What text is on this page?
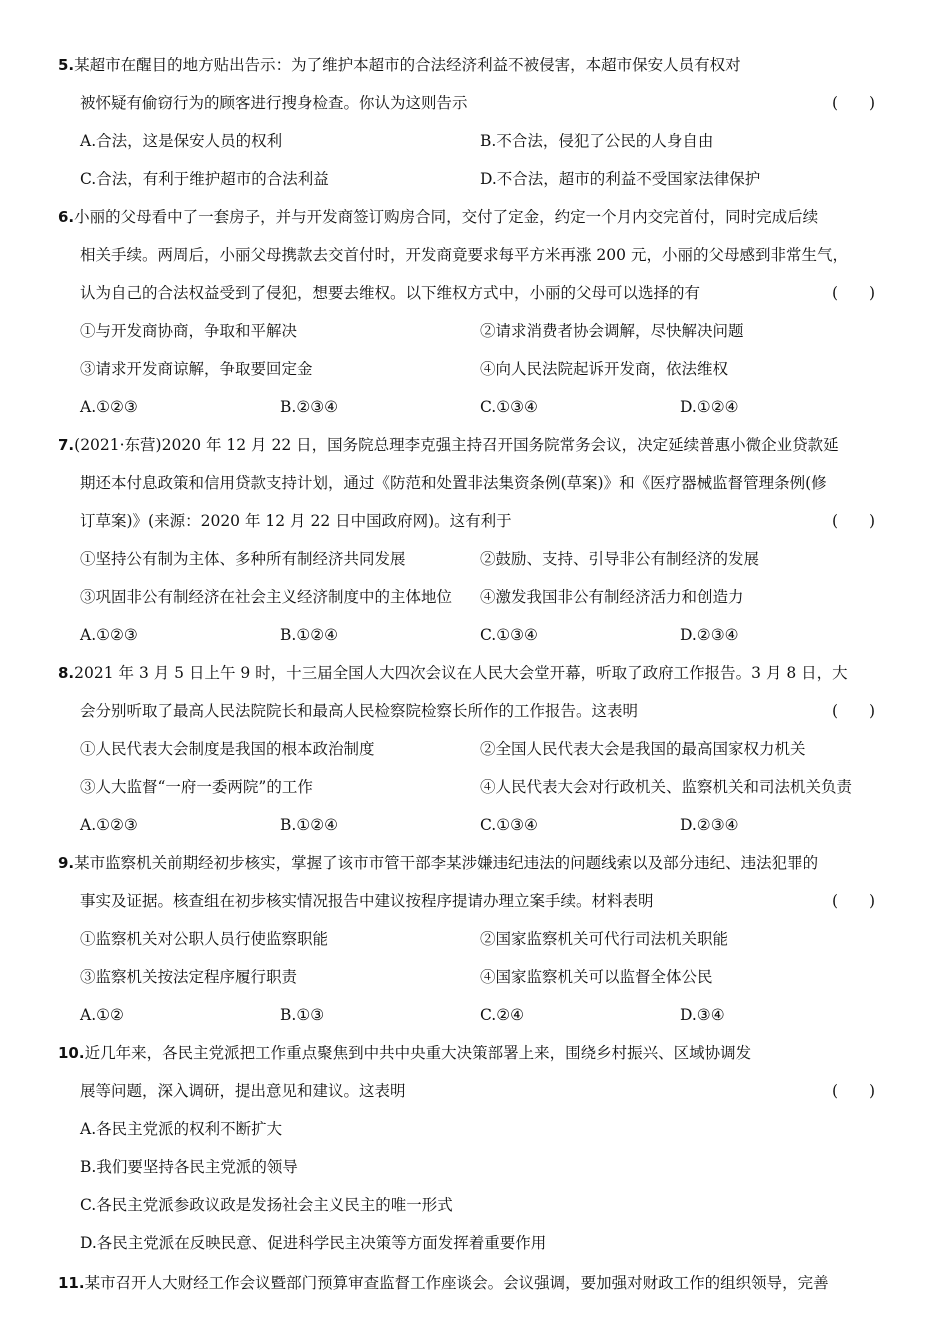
5.某超市在醒目的地方贴出告示：为了维护本超市的合法经济利益不被侵害，本超市保安人员有权对
被怀疑有偷窃行为的顾客进行搜身检查。你认为这则告示	(　　)
A.合法，这是保安人员的权利	B.不合法，侵犯了公民的人身自由
C.合法，有利于维护超市的合法利益	D.不合法，超市的利益不受国家法律保护
6.小丽的父母看中了一套房子，并与开发商签订购房合同，交付了定金，约定一个月内交完首付，同时完成后续
相关手续。两周后，小丽父母携款去交首付时，开发商竟要求每平方米再涨 200 元，小丽的父母感到非常生气，
认为自己的合法权益受到了侵犯，想要去维权。以下维权方式中，小丽的父母可以选择的有	(　　)
①与开发商协商，争取和平解决	②请求消费者协会调解，尽快解决问题
③请求开发商谅解，争取要回定金	④向人民法院起诉开发商，依法维权
A.①②③	B.②③④	C.①③④	D.①②④
7.(2021·东营)2020 年 12 月 22 日，国务院总理李克强主持召开国务院常务会议，决定延续普惠小微企业贷款延
期还本付息政策和信用贷款支持计划，通过《防范和处置非法集资条例(草案)》和《医疗器械监督管理条例(修
订草案)》(来源：2020 年 12 月 22 日中国政府网)。这有利于	(　　)
①坚持公有制为主体、多种所有制经济共同发展	②鼓励、支持、引导非公有制经济的发展
③巩固非公有制经济在社会主义经济制度中的主体地位 ④激发我国非公有制经济活力和创造力
A.①②③	B.①②④	C.①③④	D.②③④
8.2021 年 3 月 5 日上午 9 时，十三届全国人大四次会议在人民大会堂开幕，听取了政府工作报告。3 月 8 日，大
会分别听取了最高人民法院院长和最高人民检察院检察长所作的工作报告。这表明	(　　)
①人民代表大会制度是我国的根本政治制度	②全国人民代表大会是我国的最高国家权力机关
③人大监督“一府一委两院”的工作	④人民代表大会对行政机关、监察机关和司法机关负责
A.①②③	B.①②④	C.①③④	D.②③④
9.某市监察机关前期经初步核实，掌握了该市市管干部李某涉嫌违纪违法的问题线索以及部分违纪、违法犯罪的
事实及证据。核查组在初步核实情况报告中建议按程序提请办理立案手续。材料表明	(　　)
①监察机关对公职人员行使监察职能	②国家监察机关可代行司法机关职能
③监察机关按法定程序履行职责	④国家监察机关可以监督全体公民
A.①②	B.①③	C.②④	D.③④
10.近几年来，各民主党派把工作重点聚焦到中共中央重大决策部署上来，围绕乡村振兴、区域协调发
展等问题，深入调研，提出意见和建议。这表明	(　　)
A.各民主党派的权利不断扩大
B.我们要坚持各民主党派的领导
C.各民主党派参政议政是发扬社会主义民主的唯一形式
D.各民主党派在反映民意、促进科学民主决策等方面发挥着重要作用
11.某市召开人大财经工作会议暨部门预算审查监督工作座谈会。会议强调，要加强对财政工作的组织领导，完善
